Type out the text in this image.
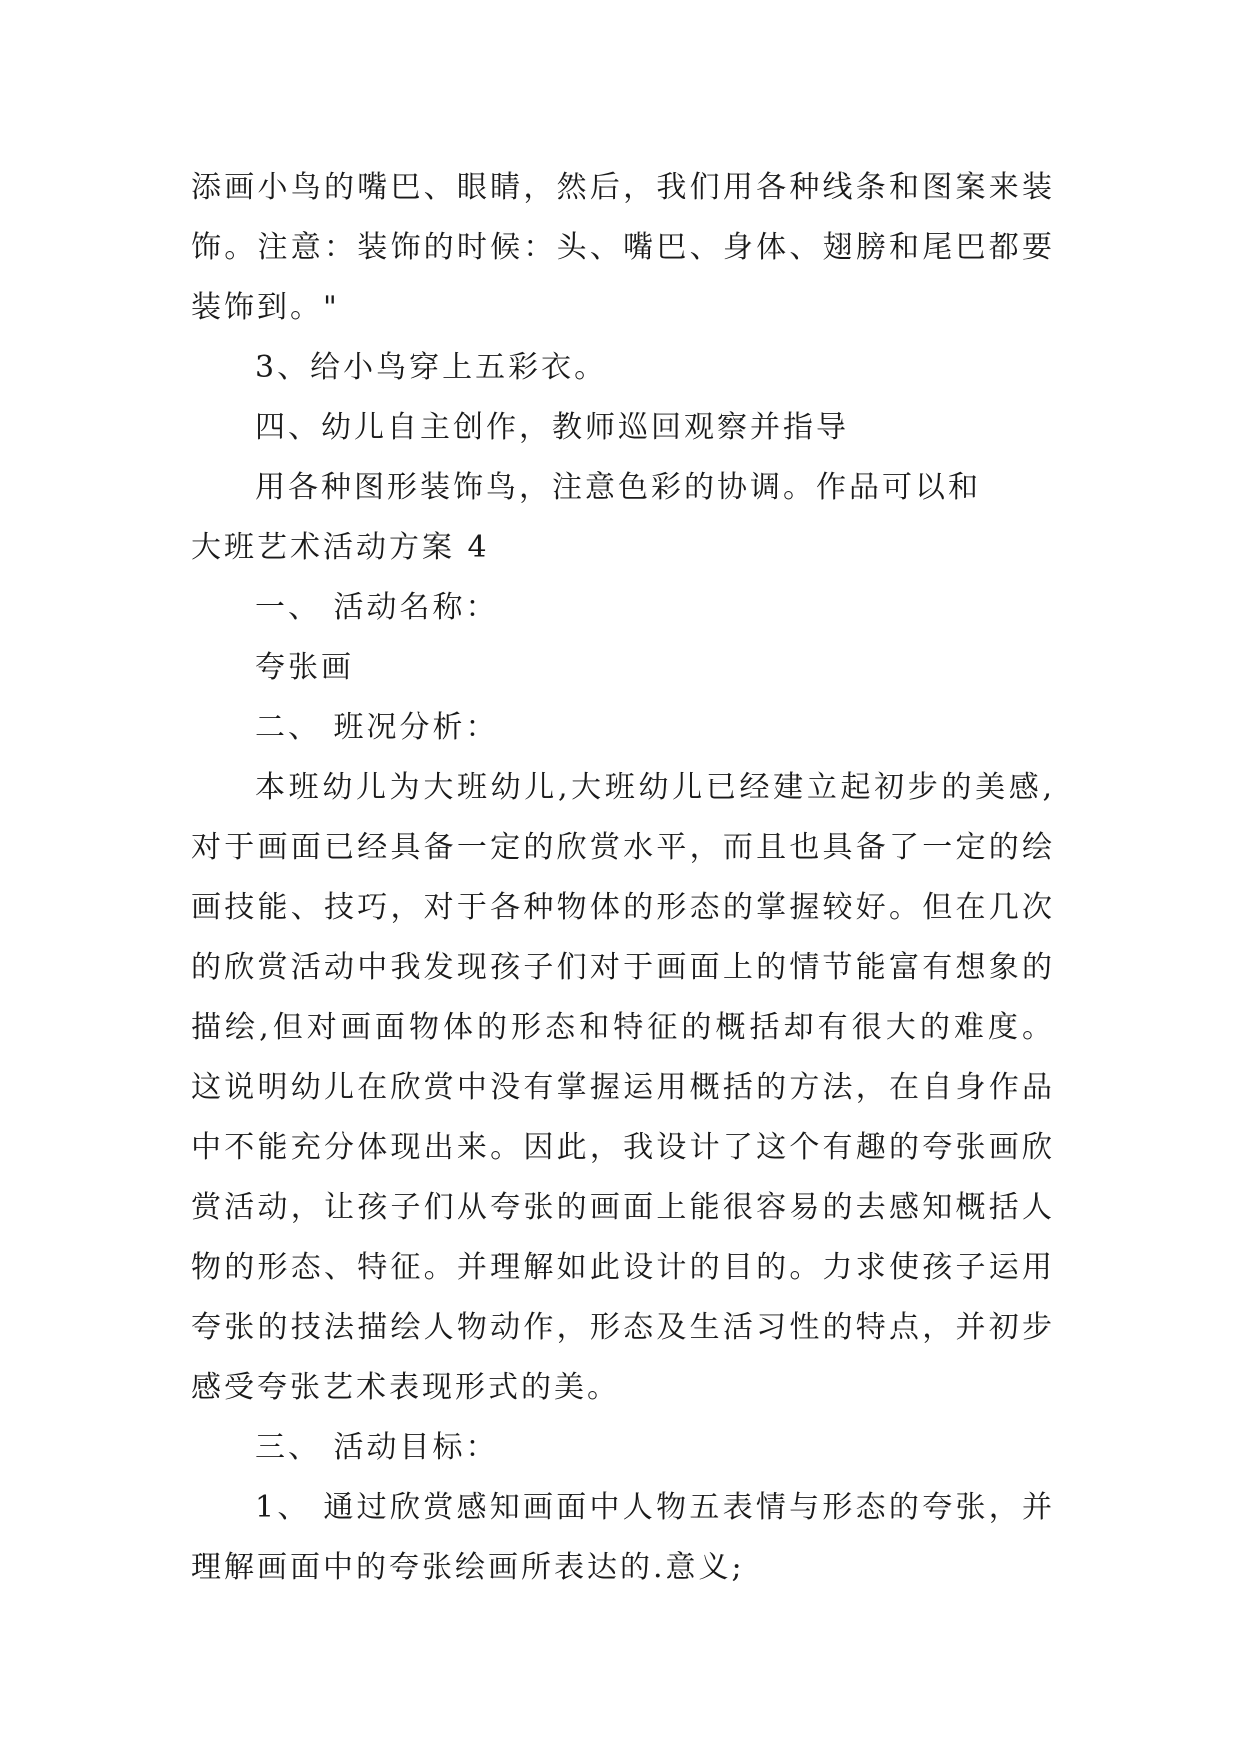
添画小鸟的嘴巴、眼睛，然后，我们用各种线条和图案来装饰。注意：装饰的时候：头、嘴巴、身体、翅膀和尾巴都要装饰到。"

3、给小鸟穿上五彩衣。

四、幼儿自主创作，教师巡回观察并指导

用各种图形装饰鸟，注意色彩的协调。作品可以和

大班艺术活动方案 4

一、 活动名称：

夸张画

二、 班况分析：

本班幼儿为大班幼儿,大班幼儿已经建立起初步的美感,对于画面已经具备一定的欣赏水平，而且也具备了一定的绘画技能、技巧，对于各种物体的形态的掌握较好。但在几次的欣赏活动中我发现孩子们对于画面上的情节能富有想象的描绘,但对画面物体的形态和特征的概括却有很大的难度。这说明幼儿在欣赏中没有掌握运用概括的方法，在自身作品中不能充分体现出来。因此，我设计了这个有趣的夸张画欣赏活动，让孩子们从夸张的画面上能很容易的去感知概括人物的形态、特征。并理解如此设计的目的。力求使孩子运用夸张的技法描绘人物动作，形态及生活习性的特点，并初步感受夸张艺术表现形式的美。

三、 活动目标：

1、 通过欣赏感知画面中人物五表情与形态的夸张，并理解画面中的夸张绘画所表达的.意义;
